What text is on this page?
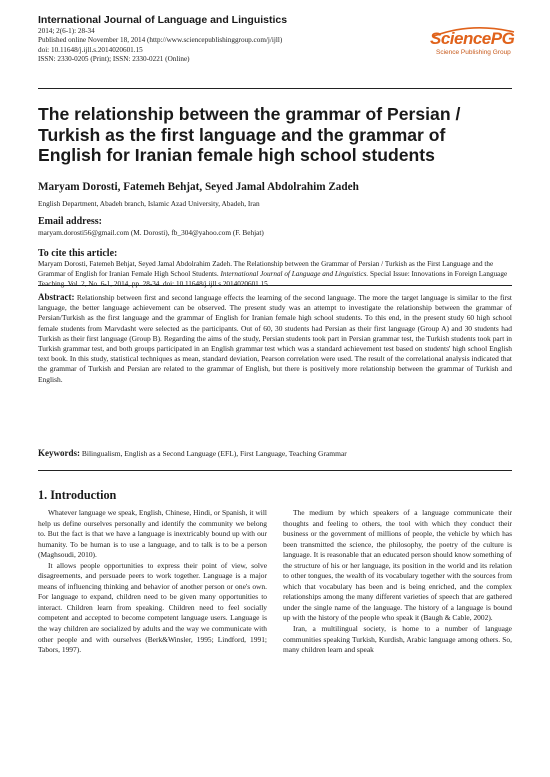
International Journal of Language and Linguistics
2014; 2(6-1): 28-34
Published online November 18, 2014 (http://www.sciencepublishinggroup.com/j/ijll)
doi: 10.11648/j.ijll.s.2014020601.15
ISSN: 2330-0205 (Print); ISSN: 2330-0221 (Online)
SciencePG
Science Publishing Group
The relationship between the grammar of Persian / Turkish as the first language and the grammar of English for Iranian female high school students
Maryam Dorosti, Fatemeh Behjat, Seyed Jamal Abdolrahim Zadeh
English Department, Abadeh branch, Islamic Azad University, Abadeh, Iran
Email address:
maryam.dorosti56@gmail.com (M. Dorosti), fb_304@yahoo.com (F. Behjat)
To cite this article:
Maryam Dorosti, Fatemeh Behjat, Seyed Jamal Abdolrahim Zadeh. The Relationship between the Grammar of Persian / Turkish as the First Language and the Grammar of English for Iranian Female High School Students. International Journal of Language and Linguistics. Special Issue: Innovations in Foreign Language Teaching. Vol. 2, No. 6-1, 2014, pp. 28-34. doi: 10.11648/j.ijll.s.2014020601.15
Abstract: Relationship between first and second language effects the learning of the second language. The more the target language is similar to the first language, the better language achievement can be observed. The present study was an attempt to investigate the relationship between the grammar of Persian/Turkish as the first language and the grammar of English for Iranian female high school students. To this end, in the present study 60 high school female students from Marvdasht were selected as the participants. Out of 60, 30 students had Persian as their first language (Group A) and 30 students had Turkish as their first language (Group B). Regarding the aims of the study, Persian students took part in Persian grammar test, the Turkish students took part in Turkish grammar test, and both groups participated in an English grammar test which was a standard achievement test based on students' high school English text book. In this study, statistical techniques as mean, standard deviation, Pearson correlation were used. The result of the correlational analysis indicated that the grammar of Turkish and Persian are related to the grammar of English, but there is positively more relationship between the grammar of Turkish and English.
Keywords: Bilingualism, English as a Second Language (EFL), First Language, Teaching Grammar
1. Introduction

Whatever language we speak, English, Chinese, Hindi, or Spanish, it will help us define ourselves personally and identify the community we belong to. But the fact is that we have a language is inextricably bound up with our humanity. To be human is to use a language, and to talk is to be a person (Maghsoudi, 2010).

It allows people opportunities to express their point of view, solve disagreements, and persuade peers to work together. Language is a major means of influencing thinking and behavior of another person or one's own. For language to expand, children need to be given many opportunities to interact. Children learn from speaking. Children need to feel socially competent and accepted to become competent language users. Language is the way children are socialized by adults and the way we communicate with other people and with ourselves (Berk&Winsler, 1995; Lindford, 1991; Tabors, 1997).

The medium by which speakers of a language communicate their thoughts and feeling to others, the tool with which they conduct their business or the government of millions of people, the vehicle by which has been transmitted the science, the philosophy, the poetry of the culture is language. It is reasonable that an educated person should know something of the structure of his or her language, its position in the world and its relation to other tongues, the wealth of its vocabulary together with the sources from which that vocabulary has been and is being enriched, and the complex relationships among the many different varieties of speech that are gathered under the single name of the language. The history of a language is bound up with the history of the people who speak it (Baugh & Cable, 2002).

Iran, a multilingual society, is home to a number of language communities speaking Turkish, Kurdish, Arabic language among others. So, many children learn and speak
